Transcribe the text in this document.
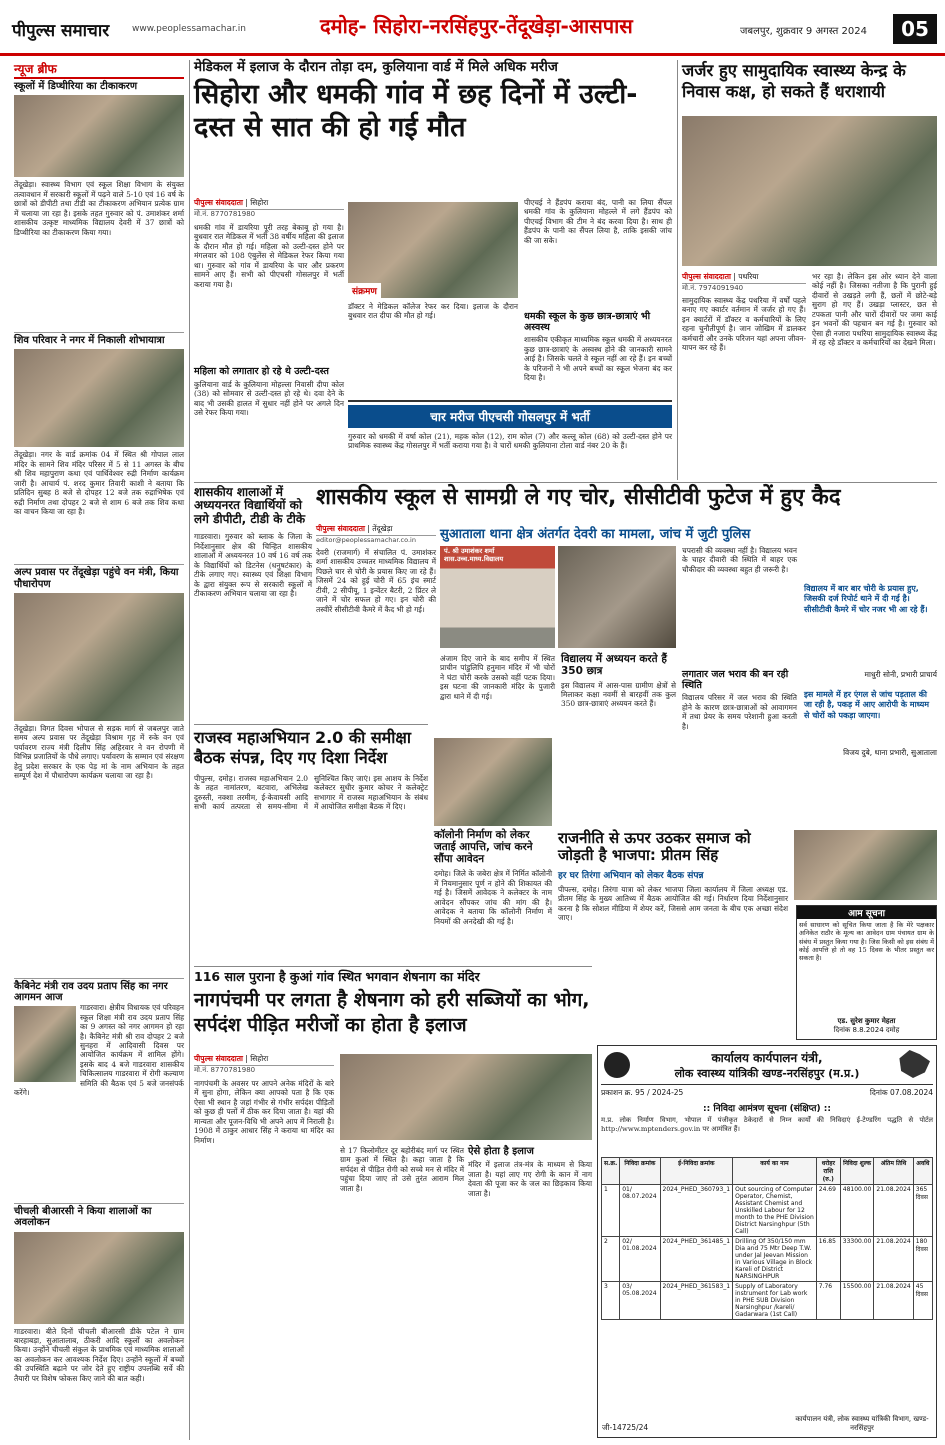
पीपुल्स समाचार	www.peoplessamachar.in	दमोह- सिहोरा-नरसिंहपुर-तेंदूखेड़ा-आसपास	जबलपुर, शुक्रवार 9 अगस्त 2024	05
न्यूज ब्रीफ
स्कूलों में डिप्थीरिया का टीकाकरण
तेंदूखेड़ा। स्वास्थ्य विभाग एवं स्कूल शिक्षा विभाग के संयुक्त तत्वावधान में सरकारी स्कूलों में पढ़ने वाले 5-10 एवं 16 वर्ष के छात्रों को डीपीटी तथा टीडी का टीकाकरण अभियान प्रत्येक ग्राम में चलाया जा रहा है। इसके तहत गुरुवार को पं. उमाशंकर शर्मा शासकीय उत्कृष्ट माध्यमिक विद्यालय देवरी में 37 छात्रों को डिप्थीरिया का टीकाकरण किया गया।
शिव परिवार ने नगर में निकाली शोभायात्रा
तेंदूखेड़ा। नगर के वार्ड क्रमांक 04 में स्थित श्री गोपाल लाल मंदिर के सामने शिव मंदिर परिसर में 5 से 11 अगस्त के बीच श्री शिव महापुराण कथा एवं पार्थिवेश्वर रुद्री निर्माण कार्यक्रम जारी है। आचार्य पं. शरद कुमार तिवारी काशी ने बताया कि प्रतिदिन सुबह 8 बजे से दोपहर 12 बजे तक रुद्राभिषेक एवं रुद्री निर्माण तथा दोपहर 2 बजे से शाम 6 बजे तक शिव कथा का वाचन किया जा रहा है।
अल्प प्रवास पर तेंदूखेड़ा पहुंचे वन मंत्री, किया पौधारोपण
तेंदूखेड़ा। विगत दिवस भोपाल से सड़क मार्ग से जबलपुर जाते समय अल्प प्रवास पर तेंदूखेड़ा विश्राम गृह में रुके वन एवं पर्यावरण राज्य मंत्री दिलीप सिंह अहिरवार ने वन रोपणी में विभिन्न प्रजातियों के पौधे लगाए। पर्यावरण के सम्मान एवं संरक्षण हेतु प्रदेश सरकार के एक पेड़ मां के नाम अभियान के तहत सम्पूर्ण देश में पौधारोपण कार्यक्रम चलाया जा रहा है।
कैबिनेट मंत्री राव उदय प्रताप सिंह का नगर आगमन आज
गाडरवारा। क्षेत्रीय विधायक एवं परिवहन स्कूल शिक्षा मंत्री राव उदय प्रताप सिंह का 9 अगस्त को नगर आगमन हो रहा है। कैबिनेट मंत्री श्री राव दोपहर 2 बजे सुनहरा में आदिवासी दिवस पर आयोजित कार्यक्रम में शामिल होंगे। इसके बाद 4 बजे गाडरवारा शासकीय चिकित्सालय गाडरवारा में रोगी कल्याण समिति की बैठक एवं 5 बजे जनसंपर्क करेंगे।
चीचली बीआरसी ने किया शालाओं का अवलोकन
गाडरवारा। बीते दिनों चीचली बीआरसी डीके पटेल ने ग्राम बारहाबड़ा, सुआतालाब, ठीकरी आदि स्कूलों का अवलोकन किया। उन्होंने चीचली संकुल के प्राथमिक एवं माध्यमिक शालाओं का अवलोकन कर आवश्यक निर्देश दिए। उन्होंने स्कूलों में बच्चों की उपस्थिति बढ़ाने पर जोर देते हुए राष्ट्रीय उपलब्धि सर्वे की तैयारी पर विशेष फोकस किए जाने की बात कही।
मेडिकल में इलाज के दौरान तोड़ा दम, कुलियाना वार्ड में मिले अधिक मरीज
सिहोरा और धमकी गांव में छह दिनों में उल्टी-दस्त से सात की हो गई मौत
पीपुल्स संवाददाता | सिहोरा
मो.नं. 8770781980
धमकी गांव में डायरिया पूरी तरह बेकाबू हो गया है। बुधवार रात मेडिकल में भर्ती 38 वर्षीय महिला की इलाज के दौरान मौत हो गई। महिला को उल्टी-दस्त होने पर मंगलवार को 108 एंबुलेंस से मेडिकल रेफर किया गया था। गुरुवार को गांव में डायरिया के चार और प्रकरण सामने आए हैं। सभी को पीएचसी गोसलपुर में भर्ती कराया गया है।
महिला को लगातार हो रहे थे उल्टी-दस्त
कुलियाना वार्ड के कुलियाना मोहल्ला निवासी दीपा कोल (38) को सोमवार से उल्टी-दस्त हो रहे थे। दवा देने के बाद भी उसकी हालत में सुधार नहीं होने पर अगले दिन उसे रेफर किया गया।
संक्रमण
डॉक्टर ने मेडिकल कॉलेज रेफर कर दिया। इलाज के दौरान बुधवार रात दीपा की मौत हो गई।
पीएचई ने हैंडपंप कराया बंद, पानी का लिया सैंपल धमकी गांव के कुलियाना मोहल्ले में लगे हैंडपंप को पीएचई विभाग की टीम ने बंद करवा दिया है। साथ ही हैंडपंप के पानी का सैंपल लिया है, ताकि इसकी जांच की जा सके।
धमकी स्कूल के कुछ छात्र-छात्राएं भी अस्वस्थ
शासकीय एकीकृत माध्यमिक स्कूल धमकी में अध्ययनरत कुछ छात्र-छात्राएं के अस्वस्थ होने की जानकारी सामने आई है। जिसके चलते वे स्कूल नहीं आ रहे हैं। इन बच्चों के परिजनों ने भी अपने बच्चों का स्कूल भेजना बंद कर दिया है।
चार मरीज पीएचसी गोसलपुर में भर्ती
गुरुवार को धमकी में वर्षा कोल (21), महक कोल (12), राम कोल (7) और कल्लू कोल (68) को उल्टी-दस्त होने पर प्राथमिक स्वास्थ्य केंद्र गोसलपुर में भर्ती कराया गया है। वे चारों धमकी कुलियाना टोला वार्ड नंबर 20 के हैं।
जर्जर हुए सामुदायिक स्वास्थ्य केन्द्र के निवास कक्ष, हो सकते हैं धराशायी
पीपुल्स संवाददाता | पथरिया
मो.नं. 7974091940
सामुदायिक स्वास्थ्य केंद्र पथरिया में वर्षों पहले बनाए गए क्वार्टर वर्तमान में जर्जर हो गए हैं। इन क्वार्टरों में डॉक्टर व कर्मचारियों के लिए रहना चुनौतीपूर्ण है। जान जोखिम में डालकर कर्मचारी और उनके परिजन यहां अपना जीवन-यापन कर रहे हैं।
भर रहा है। लेकिन इस ओर ध्यान देने वाला कोई नहीं है। जिसका नतीजा है कि पुरानी हुई दीवारों से उखड़ते लगी हैं, छतों में छोटे-बड़े सुराग हो गए हैं। उखड़ा प्लास्टर, छत से टपकता पानी और चारों दीवारों पर जमा काई इन भवनों की पहचान बन गई है। गुरुवार को ऐसा ही नजारा पथरिया सामुदायिक स्वास्थ्य केंद्र में रह रहे डॉक्टर व कर्मचारियों का देखने मिला।
शासकीय स्कूल से सामग्री ले गए चोर, सीसीटीवी फुटेज में हुए कैद
पीपुल्स संवाददाता | तेंदूखेड़ा
editor@peoplessamachar.co.in
देवरी (राजमार्ग) में संचालित पं. उमाशंकर शर्मा शासकीय उच्चतर माध्यमिक विद्यालय में पिछले चार से चोरी के प्रयास किए जा रहे हैं। जिसमें 24 को हुई चोरी में 65 इंच स्मार्ट टीवी, 2 सीपीयू, 1 इन्वेंटर बैटरी, 2 प्रिंटर ले जाने में चोर सफल हो गए। इन चोरी की तस्वीरें सीसीटीवी कैमरे में कैद भी हो गई।
सुआताला थाना क्षेत्र अंतर्गत देवरी का मामला, जांच में जुटी पुलिस
पं. श्री उमाशंकर शर्मा शास.उच्च.माध्य.विद्यालय
अंजाम दिए जाने के बाद समीप में स्थित प्राचीन पांडुलिपि हनुमान मंदिर में भी चोरों ने घंटा चोरी करके उसको वहीं पटक दिया। इस घटना की जानकारी मंदिर के पुजारी द्वारा थाने में दी गई।
विद्यालय में अध्ययन करते हैं 350 छात्र
इस विद्यालय में आस-पास ग्रामीण क्षेत्रों से मिलाकर कक्षा नवमीं से बारहवीं तक कुल 350 छात्र-छात्राएं अध्ययन करते हैं।
चपरासी की व्यवस्था नहीं है। विद्यालय भवन के चाहर दीवारी की स्थिति में बाहर एक चौकीदार की व्यवस्था बहुत ही जरूरी है।
लगातार जल भराव की बन रही स्थिति
विद्यालय परिसर में जल भराव की स्थिति होने के कारण छात्र-छात्राओं को आवागमन में तथा प्रेयर के समय परेशानी हुआ करती है।
विद्यालय में बार बार चोरी के प्रयास हुए, जिसकी दर्ज रिपोर्ट थाने में दी गई है। सीसीटीवी कैमरे में चोर नजर भी आ रहे हैं।
माधुरी सोनी, प्रभारी प्राचार्य
इस मामले में हर एंगल से जांच पड़ताल की जा रही है, पकड़ में आए आरोपी के माध्यम से चोरों को पकड़ा जाएगा।
विजय दुबे, थाना प्रभारी, सुआताला
शासकीय शालाओं में अध्ययनरत विद्यार्थियों को लगे डीपीटी, टीडी के टीके
गाडरवारा। गुरुवार को ब्लाक के जिला के निर्देशानुसार क्षेत्र की चिन्हित शासकीय शालाओं में अध्ययनरत 10 वर्ष 16 वर्ष तक के विद्यार्थियों को डिटनेस (धनुषटंकार) के टीके लगाए गए। स्वास्थ्य एवं शिक्षा विभाग के द्वारा संयुक्त रूप से सरकारी स्कूलों में टीकाकरण अभियान चलाया जा रहा है।
राजस्व महाअभियान 2.0 की समीक्षा बैठक संपन्न, दिए गए दिशा निर्देश
पीपुल्स, दमोह। राजस्व महाअभियान 2.0 के तहत नामांतरण, बटवारा, अभिलेख दुरुस्ती, नक्शा तरमीम, ई-केवायसी आदि सभी कार्य तत्परता से समय-सीमा में सुनिश्चित किए जाएं। इस आशय के निर्देश कलेक्टर सुधीर कुमार कोचर ने कलेक्ट्रेट सभागार में राजस्व महाअभियान के संबंध में आयोजित समीक्षा बैठक में दिए।
कॉलोनी निर्माण को लेकर जताई आपत्ति, जांच करने सौंपा आवेदन
दमोह। जिले के जबेरा क्षेत्र में निर्मित कॉलोनी में नियमानुसार पूर्ण न होने की शिकायत की गई है। जिसमें आवेदक ने कलेक्टर के नाम आवेदन सौंपकर जांच की मांग की है। आवेदक ने बताया कि कॉलोनी निर्माण में नियमों की अनदेखी की गई है।
राजनीति से ऊपर उठकर समाज को जोड़ती है भाजपा: प्रीतम सिंह
हर घर तिरंगा अभियान को लेकर बैठक संपन्न
पीपल्स, दमोह। तिरंगा यात्रा को लेकर भाजपा जिला कार्यालय में जिला अध्यक्ष एड. प्रीतम सिंह के मुख्य आतिथ्य में बैठक आयोजित की गई। निर्धारण दिया निर्देशानुसार करना है कि सोशल मीडिया में शेयर करें, जिससे आम जनता के बीच एक अच्छा संदेश जाए।	आम सूचना
सर्व साधारण को सूचित किया जाता है कि मेरे पक्षकार अनिकेत राठौर के मूल्य का आवेदन ग्राम पंचायत ग्राम के संबंध में प्रस्तुत किया गया है। जिस किसी को इस संबंध में कोई आपत्ति हो तो वह 15 दिवस के भीतर प्रस्तुत कर सकता है।
एड. सुरेश कुमार मेहता
दिनांक 8.8.2024 दमोह
116 साल पुराना है कुआं गांव स्थित भगवान शेषनाग का मंदिर
नागपंचमी पर लगता है शेषनाग को हरी सब्जियों का भोग, सर्पदंश पीड़ित मरीजों का होता है इलाज
पीपुल्स संवाददाता | सिहोरा
मो.नं. 8770781980
नागपंचमी के अवसर पर आपने अनेक मंदिरों के बारे में सुना होगा, लेकिन क्या आपको पता है कि एक ऐसा भी स्थान है जहां गंभीर से गंभीर सर्पदंश पीड़ितों को कुछ ही पलों में ठीक कर दिया जाता है। यहां की मान्यता और पूजन-विधि भी अपने आप में निराली है। 1908 में ठाकुर आधार सिंह ने कराया था मंदिर का निर्माण।
से 17 किलोमीटर दूर बहोरीबंद मार्ग पर स्थित ग्राम कुआं में स्थित है। कहा जाता है कि सर्पदंश से पीड़ित रोगी को सच्चे मन से मंदिर में पहुंचा दिया जाए तो उसे तुरंत आराम मिल जाता है।
ऐसे होता है इलाज
मंदिर में इलाज तंत्र-मंत्र के माध्यम से किया जाता है। यहां लाए गए रोगी के कान में नाग देवता की पूजा कर के जल का छिड़काव किया जाता है।
कार्यालय कार्यपालन यंत्री,
लोक स्वास्थ्य यांत्रिकी खण्ड-नरसिंहपुर (म.प्र.)
प्रकाशन क्र. 95 / 2024-25	दिनांक 07.08.2024
:: निविदा आमंत्रण सूचना (संक्षिप्त) ::
म.प्र. लोक निर्माण विभाग, भोपाल में पंजीकृत ठेकेदारों से निम्न कार्यों की निविदाएं ई-टेण्डरिंग पद्धति से पोर्टल http://www.mptenders.gov.in पर आमंत्रित हैं।
स.क्र.	निविदा क्रमांक	ई-निविदा क्रमांक	कार्य का नाम	धरोहर राशि (रु.)	निविदा शुल्क	अंतिम तिथि	अवधि
1	01/ 08.07.2024	2024_PHED_360793_1	Out sourcing of Computer Operator, Chemist, Assistant Chemist and Unskilled Labour for 12 month to the PHE Division District Narsinghpur (5th Call)	24.69	48100.00	21.08.2024	365 दिवस
2	02/ 01.08.2024	2024_PHED_361485_1	Drilling Of 350/150 mm Dia and 75 Mtr Deep T.W. under Jal Jeevan Mission in Various Village in Block Kareli of District NARSINGHPUR	16.85	33300.00	21.08.2024	180 दिवस
3	03/ 05.08.2024	2024_PHED_361583_1	Supply of Laboratory instrument for Lab work in PHE SUB Division Narsinghpur /kareli/ Gadarwara (1st Call)	7.76	15500.00	21.08.2024	45 दिवस
जी-14725/24
कार्यपालन यंत्री, लोक स्वास्थ्य यांत्रिकी विभाग, खण्ड-नरसिंहपुर
